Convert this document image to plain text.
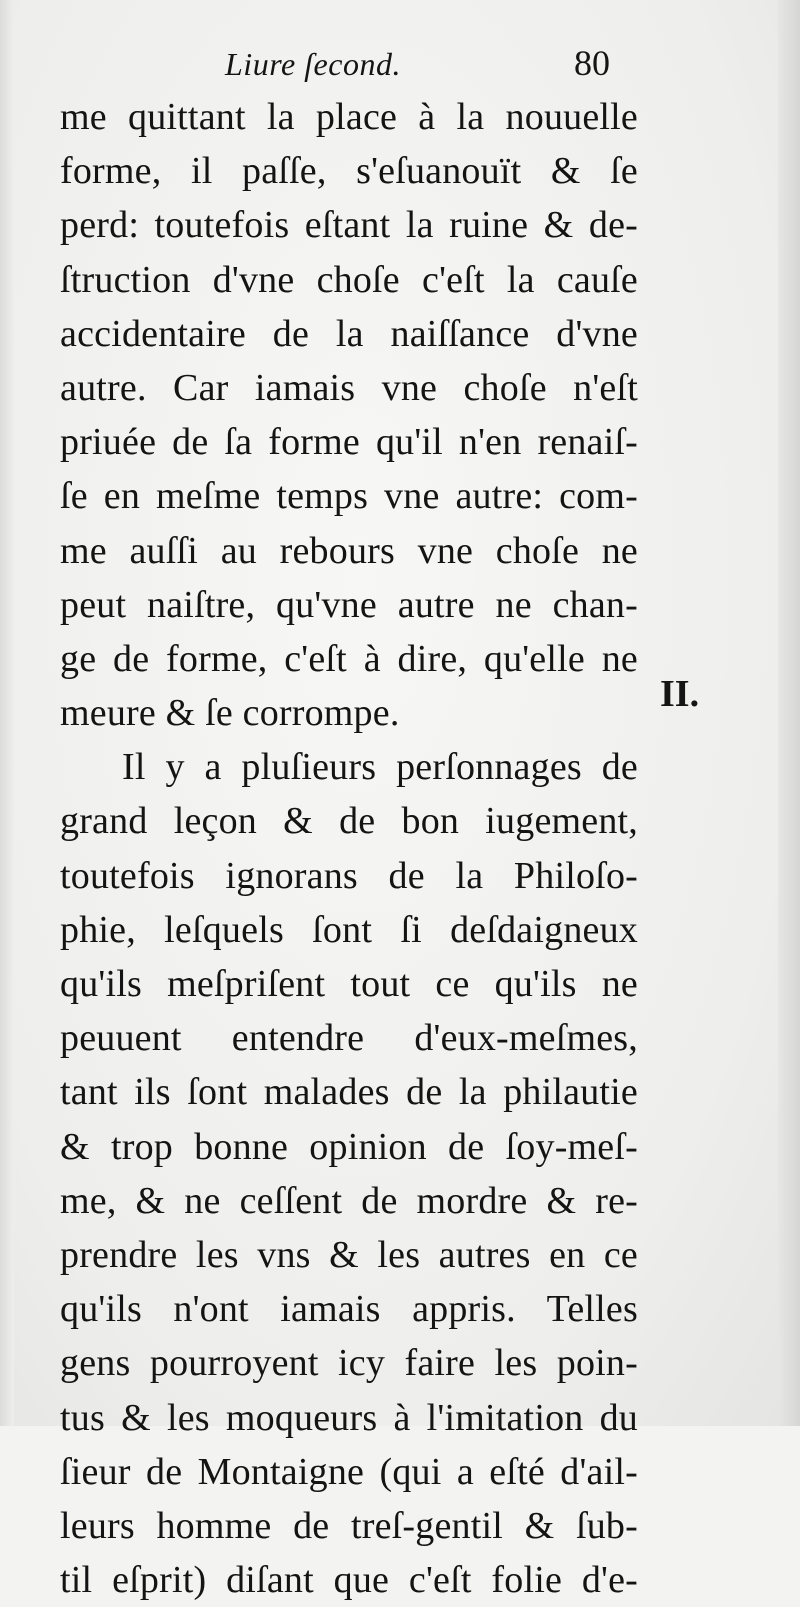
Liure ſecond.	80
me quittant la place à la nouuelle
forme, il paſſe, s'eſuanouït & ſe
perd: toutefois eſtant la ruine & de-
ſtruction d'vne choſe c'eſt la cauſe
accidentaire de la naiſſance d'vne
autre. Car iamais vne choſe n'eſt
priuée de ſa forme qu'il n'en renaiſ-
ſe en meſme temps vne autre: com-
me auſſi au rebours vne choſe ne
peut naiſtre, qu'vne autre ne chan-
ge de forme, c'eſt à dire, qu'elle ne
meure & ſe corrompe.
Il y a pluſieurs perſonnages de
grand leçon & de bon iugement,
toutefois ignorans de la Philoſo-
phie, leſquels ſont ſi deſdaigneux
qu'ils meſpriſent tout ce qu'ils ne
peuuent entendre d'eux-meſmes,
tant ils ſont malades de la philautie
& trop bonne opinion de ſoy-meſ-
me, & ne ceſſent de mordre & re-
prendre les vns & les autres en ce
qu'ils n'ont iamais appris. Telles
gens pourroyent icy faire les poin-
tus & les moqueurs à l'imitation du
ſieur de Montaigne (qui a eſté d'ail-
leurs homme de treſ-gentil & ſub-
til eſprit) diſant que c'eſt folie d'e-
II.
